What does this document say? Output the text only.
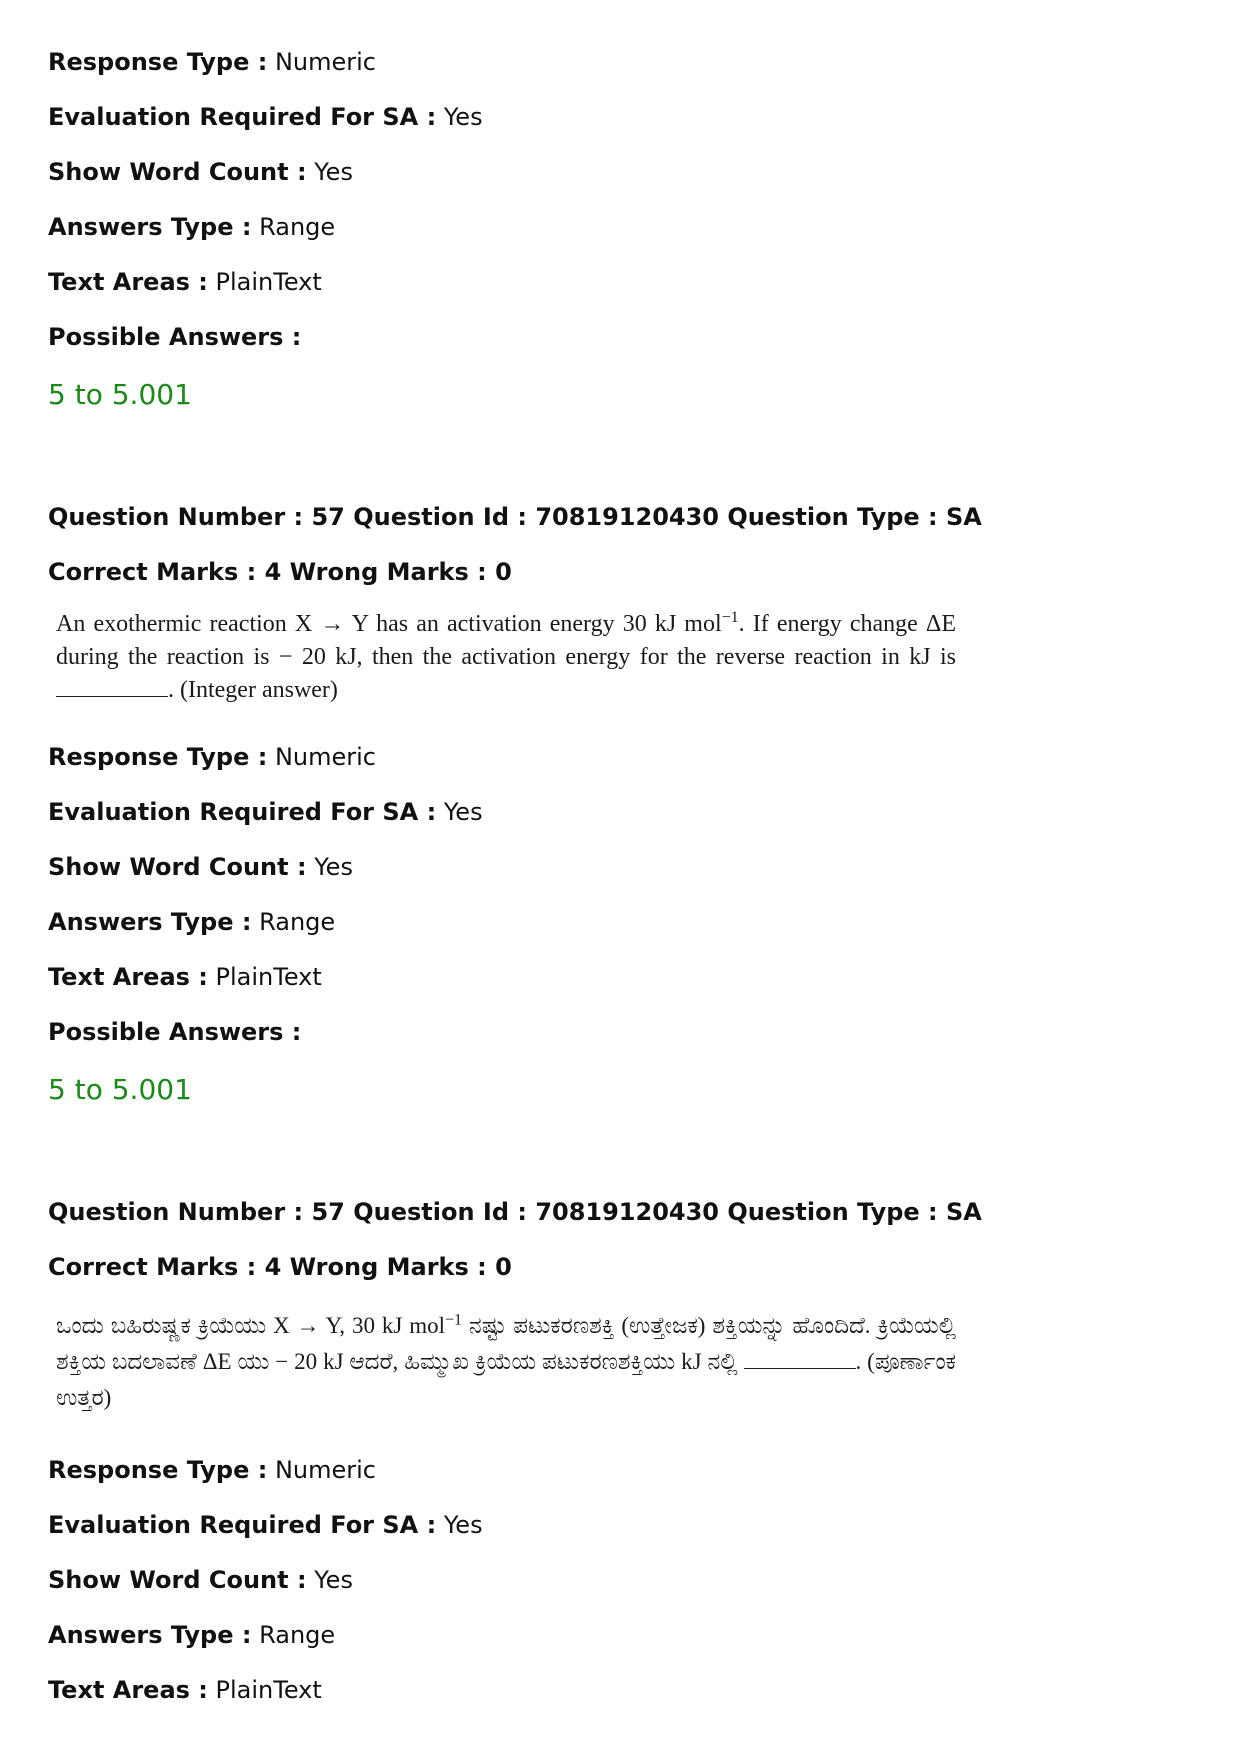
Response Type : Numeric
Evaluation Required For SA : Yes
Show Word Count : Yes
Answers Type : Range
Text Areas : PlainText
Possible Answers :
5 to 5.001
Question Number : 57 Question Id : 70819120430 Question Type : SA
Correct Marks : 4 Wrong Marks : 0
An exothermic reaction X → Y has an activation energy 30 kJ mol$^{-1}$. If energy change ΔE during the reaction is − 20 kJ, then the activation energy for the reverse reaction in kJ is . (Integer answer)
Response Type : Numeric
Evaluation Required For SA : Yes
Show Word Count : Yes
Answers Type : Range
Text Areas : PlainText
Possible Answers :
5 to 5.001
Question Number : 57 Question Id : 70819120430 Question Type : SA
Correct Marks : 4 Wrong Marks : 0
ಒಂದು ಬಹಿರುಷ್ಣಕ ಕ್ರಿಯೆಯು X → Y, 30 kJ mol$^{-1}$ ನಷ್ಟು ಪಟುಕರಣಶಕ್ತಿ (ಉತ್ತೇಜಕ) ಶಕ್ತಿಯನ್ನು ಹೊಂದಿದೆ. ಕ್ರಿಯೆಯಲ್ಲಿ ಶಕ್ತಿಯ ಬದಲಾವಣೆ ΔE ಯು − 20 kJ ಆದರೆ, ಹಿಮ್ಮುಖ ಕ್ರಿಯೆಯ ಪಟುಕರಣಶಕ್ತಿಯು kJ ನಲ್ಲಿ	. (ಪೂರ್ಣಾಂಕ ಉತ್ತರ)
Response Type : Numeric
Evaluation Required For SA : Yes
Show Word Count : Yes
Answers Type : Range
Text Areas : PlainText
